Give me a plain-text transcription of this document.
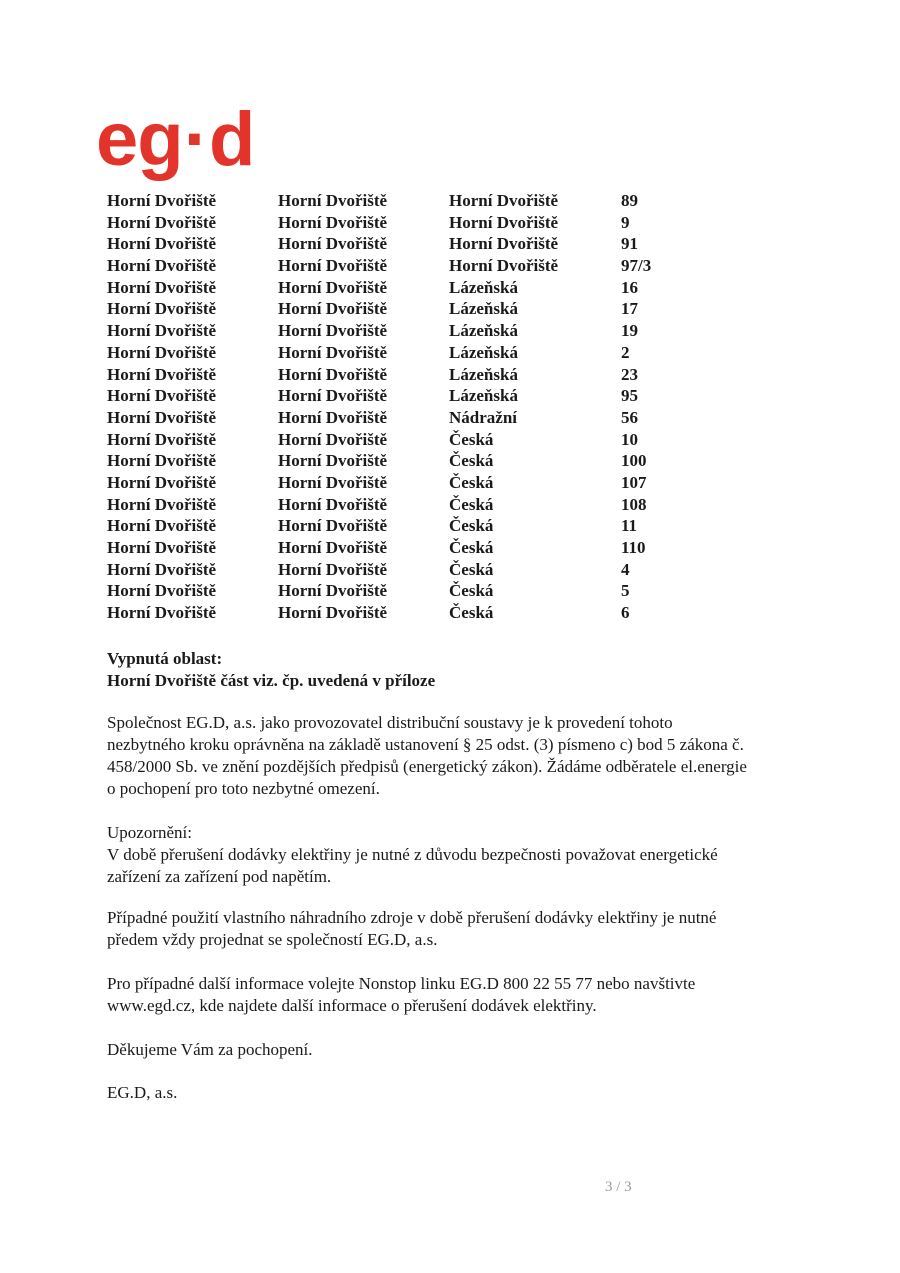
eg·d
Horní Dvořiště	Horní Dvořiště	Horní Dvořiště	89
Horní Dvořiště	Horní Dvořiště	Horní Dvořiště	9
Horní Dvořiště	Horní Dvořiště	Horní Dvořiště	91
Horní Dvořiště	Horní Dvořiště	Horní Dvořiště	97/3
Horní Dvořiště	Horní Dvořiště	Lázeňská	16
Horní Dvořiště	Horní Dvořiště	Lázeňská	17
Horní Dvořiště	Horní Dvořiště	Lázeňská	19
Horní Dvořiště	Horní Dvořiště	Lázeňská	2
Horní Dvořiště	Horní Dvořiště	Lázeňská	23
Horní Dvořiště	Horní Dvořiště	Lázeňská	95
Horní Dvořiště	Horní Dvořiště	Nádražní	56
Horní Dvořiště	Horní Dvořiště	Česká	10
Horní Dvořiště	Horní Dvořiště	Česká	100
Horní Dvořiště	Horní Dvořiště	Česká	107
Horní Dvořiště	Horní Dvořiště	Česká	108
Horní Dvořiště	Horní Dvořiště	Česká	11
Horní Dvořiště	Horní Dvořiště	Česká	110
Horní Dvořiště	Horní Dvořiště	Česká	4
Horní Dvořiště	Horní Dvořiště	Česká	5
Horní Dvořiště	Horní Dvořiště	Česká	6
Vypnutá oblast:
Horní Dvořiště část viz. čp. uvedená v příloze
Společnost EG.D, a.s. jako provozovatel distribuční soustavy je k provedení tohoto
nezbytného kroku oprávněna na základě ustanovení § 25 odst. (3) písmeno c) bod 5 zákona č.
458/2000 Sb. ve znění pozdějších předpisů (energetický zákon). Žádáme odběratele el.energie
o pochopení pro toto nezbytné omezení.
Upozornění:
V době přerušení dodávky elektřiny je nutné z důvodu bezpečnosti považovat energetické
zařízení za zařízení pod napětím.
Případné použití vlastního náhradního zdroje v době přerušení dodávky elektřiny je nutné
předem vždy projednat se společností EG.D, a.s.
Pro případné další informace volejte Nonstop linku EG.D 800 22 55 77 nebo navštivte
www.egd.cz, kde najdete další informace o přerušení dodávek elektřiny.
Děkujeme Vám za pochopení.
EG.D, a.s.
3 / 3
